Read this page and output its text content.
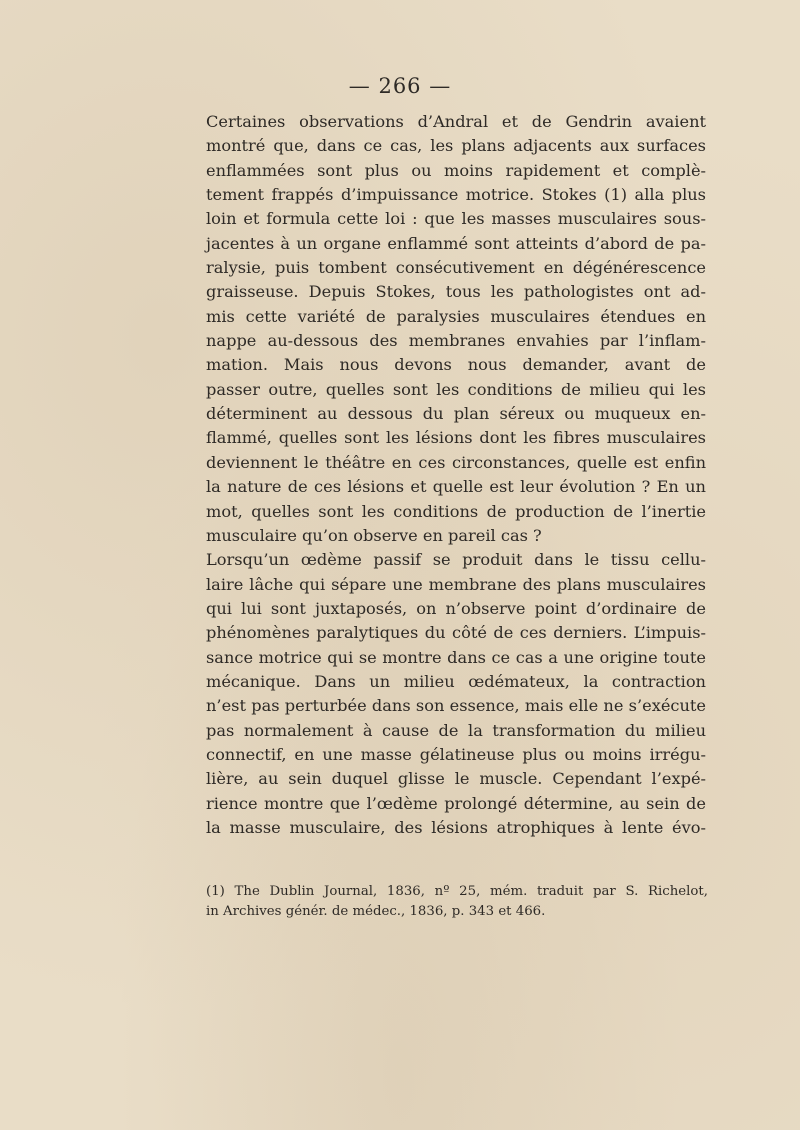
— 266 —
Certaines observations d’Andral et de Gendrin avaient
montré que, dans ce cas, les plans adjacents aux surfaces
enflammées sont plus ou moins rapidement et complè-
tement frappés d’impuissance motrice. Stokes (1) alla plus
loin et formula cette loi : que les masses musculaires sous-
jacentes à un organe enflammé sont atteints d’abord de pa-
ralysie, puis tombent consécutivement en dégénérescence
graisseuse. Depuis Stokes, tous les pathologistes ont ad-
mis cette variété de paralysies musculaires étendues en
nappe au-dessous des membranes envahies par l’inflam-
mation. Mais nous devons nous demander, avant de
passer outre, quelles sont les conditions de milieu qui les
déterminent au dessous du plan séreux ou muqueux en-
flammé, quelles sont les lésions dont les fibres musculaires
deviennent le théâtre en ces circonstances, quelle est enfin
la nature de ces lésions et quelle est leur évolution ? En un
mot, quelles sont les conditions de production de l’inertie
musculaire qu’on observe en pareil cas ?
Lorsqu’un œdème passif se produit dans le tissu cellu-
laire lâche qui sépare une membrane des plans musculaires
qui lui sont juxtaposés, on n’observe point d’ordinaire de
phénomènes paralytiques du côté de ces derniers. L’impuis-
sance motrice qui se montre dans ce cas a une origine toute
mécanique. Dans un milieu œdémateux, la contraction
n’est pas perturbée dans son essence, mais elle ne s’exécute
pas normalement à cause de la transformation du milieu
connectif, en une masse gélatineuse plus ou moins irrégu-
lière, au sein duquel glisse le muscle. Cependant l’expé-
rience montre que l’œdème prolongé détermine, au sein de
la masse musculaire, des lésions atrophiques à lente évo-
(1) The Dublin Journal, 1836, nº 25, mém. traduit par S. Richelot,
in Archives génér. de médec., 1836, p. 343 et 466.
